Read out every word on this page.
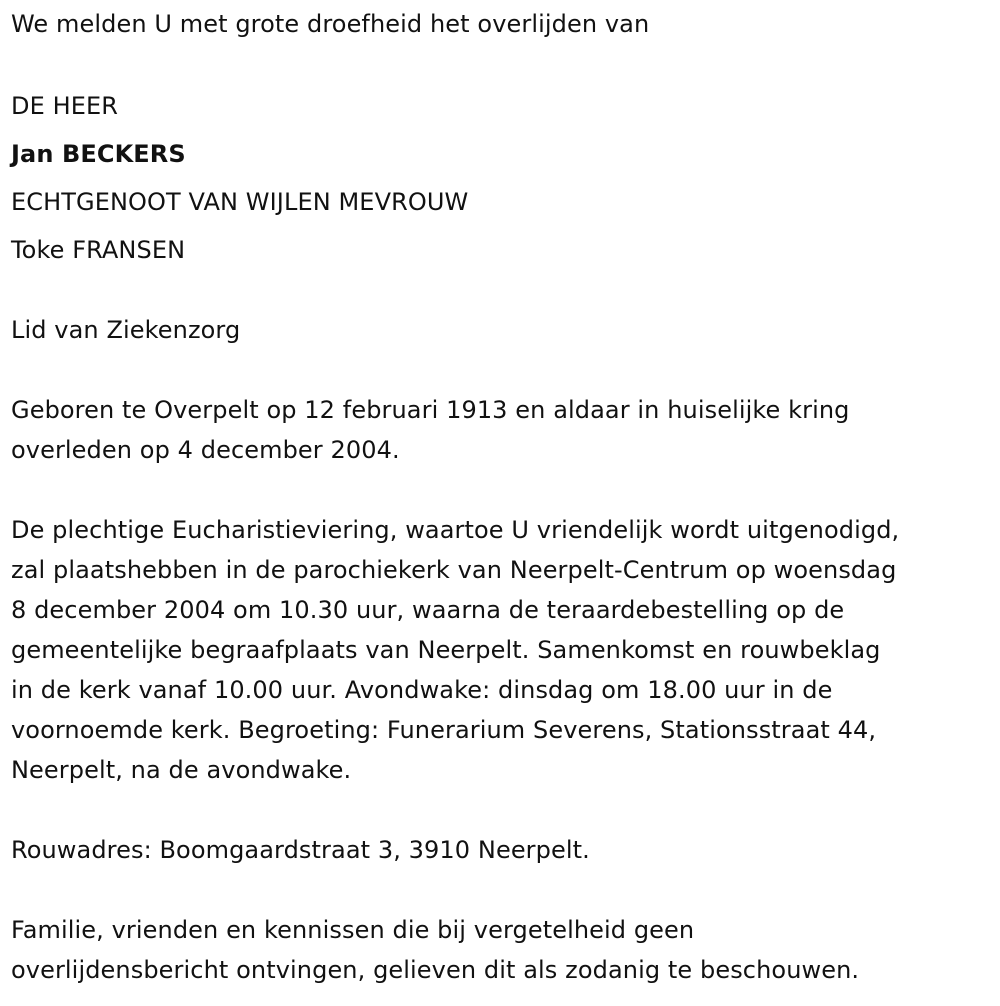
We melden U met grote droefheid het overlijden van
DE HEER
Jan BECKERS
ECHTGENOOT VAN WIJLEN MEVROUW
Toke FRANSEN
Lid van Ziekenzorg
Geboren te Overpelt op 12 februari 1913 en aldaar in huiselijke kring
overleden op 4 december 2004.
De plechtige Eucharistieviering, waartoe U vriendelijk wordt uitgenodigd,
zal plaatshebben in de parochiekerk van Neerpelt-Centrum op woensdag
8 december 2004 om 10.30 uur, waarna de teraardebestelling op de
gemeentelijke begraafplaats van Neerpelt. Samenkomst en rouwbeklag
in de kerk vanaf 10.00 uur. Avondwake: dinsdag om 18.00 uur in de
voornoemde kerk. Begroeting: Funerarium Severens, Stationsstraat 44,
Neerpelt, na de avondwake.
Rouwadres: Boomgaardstraat 3, 3910 Neerpelt.
Familie, vrienden en kennissen die bij vergetelheid geen
overlijdensbericht ontvingen, gelieven dit als zodanig te beschouwen.
